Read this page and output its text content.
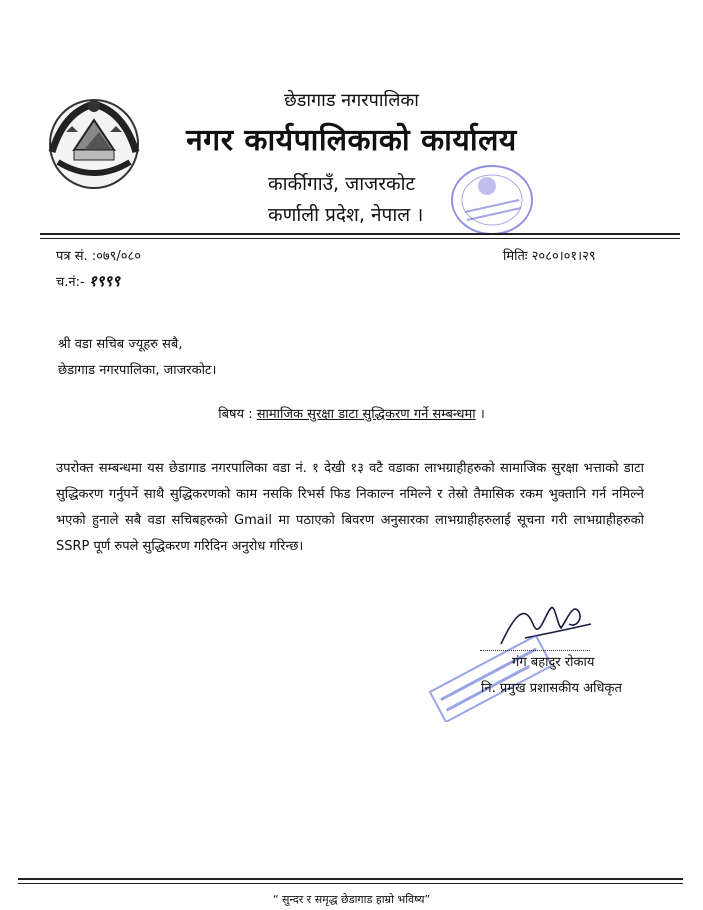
छेडागाड नगरपालिका
नगर कार्यपालिकाको कार्यालय
कार्कीगाउँ, जाजरकोट
कर्णाली प्रदेश, नेपाल ।
पत्र सं. :०७९/०८०	मितिः २०८०।०१।२९
च.नं:- १९९९
श्री वडा सचिब ज्यूहरु सबै,
छेडागाड नगरपालिका, जाजरकोट।
बिषय : सामाजिक सुरक्षा डाटा सुद्धिकरण गर्ने सम्बन्धमा ।
उपरोक्त सम्बन्धमा यस छेडागाड नगरपालिका वडा नं. १ देखी १३ वटै वडाका लाभग्राहीहरुको सामाजिक सुरक्षा भत्ताको डाटा सुद्धिकरण गर्नुपर्ने साथै सुद्धिकरणको काम नसकि रिभर्स फिड निकाल्न नमिल्ने र तेस्रो तैमासिक रकम भुक्तानि गर्न नमिल्ने भएको हुनाले सबै वडा सचिबहरुको Gmail मा पठाएको बिवरण अनुसारका लाभग्राहीहरुलाई सूचना गरी लाभग्राहीहरुको SSRP पूर्ण रुपले सुद्धिकरण गरिदिन अनुरोध गरिन्छ।
गंग बहादुर रोकाय
नि. प्रमुख प्रशासकीय अधिकृत
“ सुन्दर र समृद्ध छेडागाड हाम्रो भविष्य”
